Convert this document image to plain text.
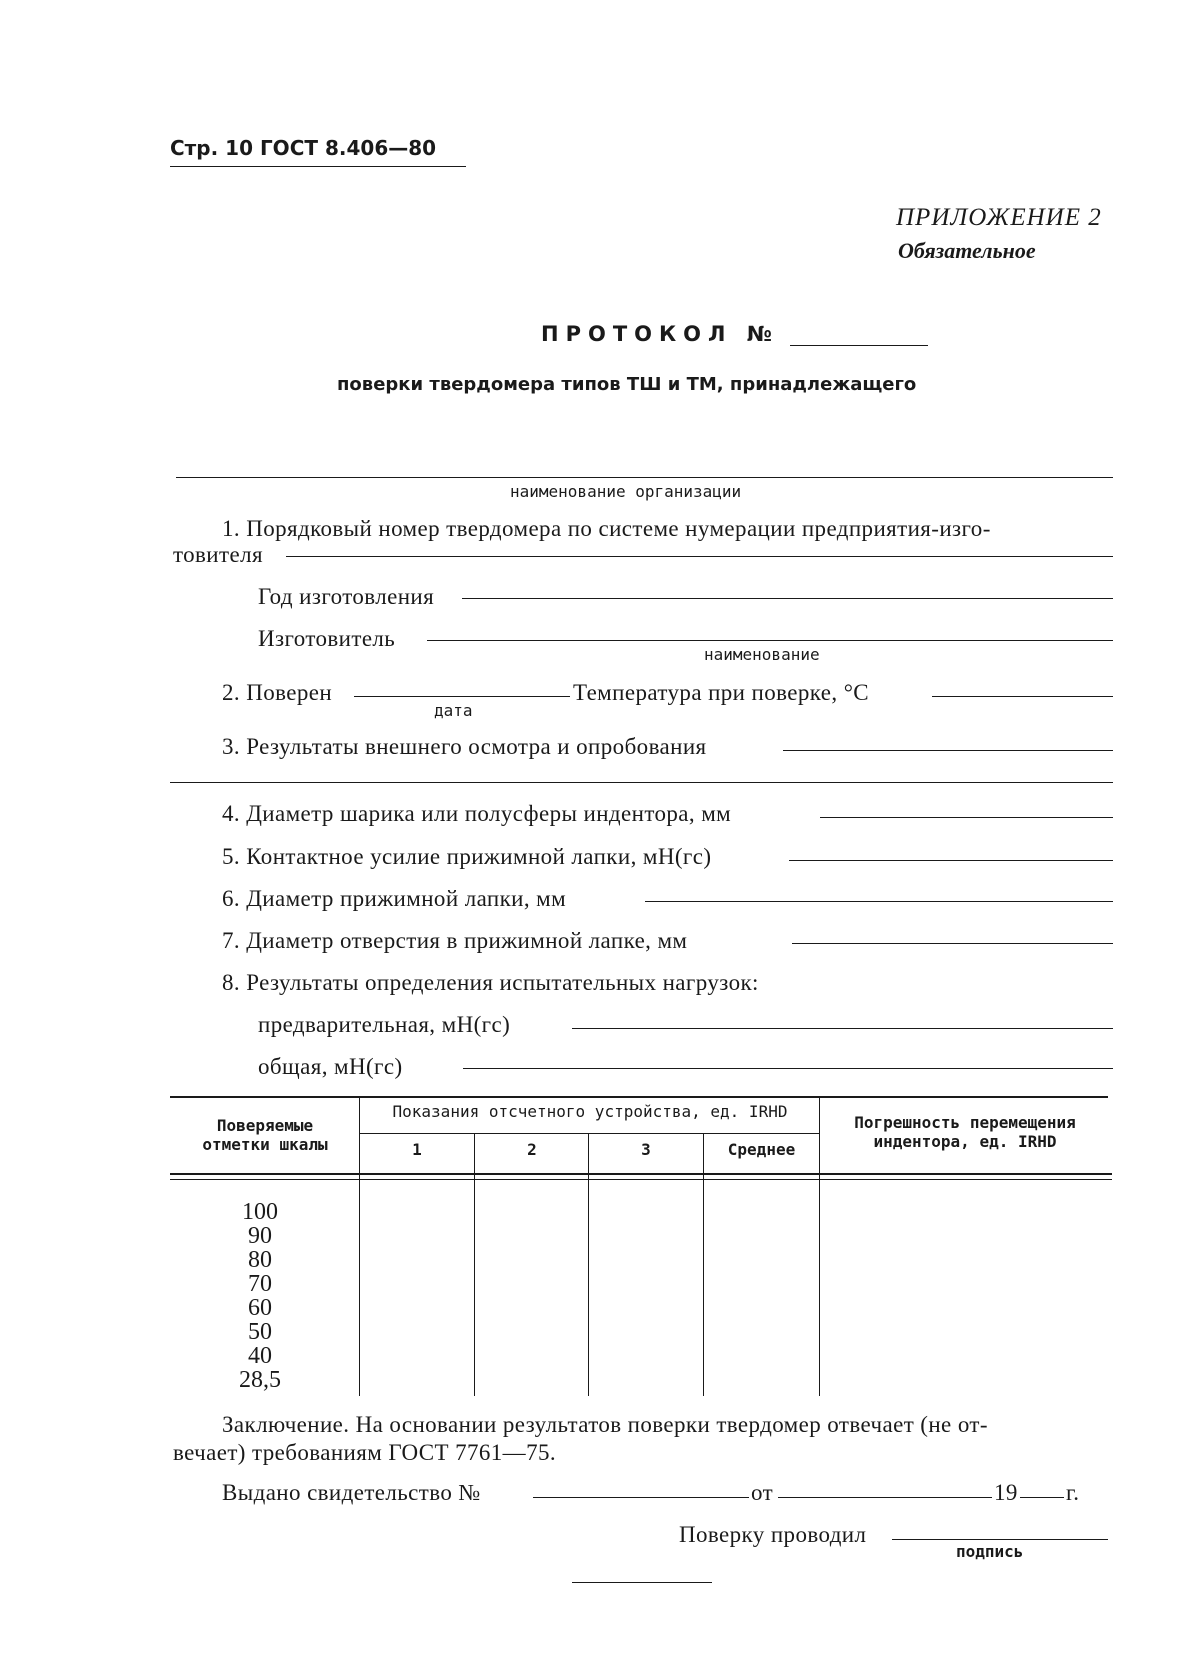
Стр. 10 ГОСТ 8.406—80
ПРИЛОЖЕНИЕ 2
Обязательное
ПРОТОКОЛ №
поверки твердомера типов ТШ и ТМ, принадлежащего
наименование организации
1. Порядковый номер твердомера по системе нумерации предприятия-изго-
товителя
Год изготовления
Изготовитель
наименование
2. Поверен
дата
Температура при поверке, °С
3. Результаты внешнего осмотра и опробования
4. Диаметр шарика или полусферы индентора, мм
5. Контактное усилие прижимной лапки, мН(гс)
6. Диаметр прижимной лапки, мм
7. Диаметр отверстия в прижимной лапке, мм
8. Результаты определения испытательных нагрузок:
предварительная, мН(гс)
общая, мН(гс)
Поверяемые
отметки шкалы
Показания отсчетного устройства, ед. IRHD
1	2	3	Среднее
Погрешность перемещения
индентора, ед. IRHD
100
90
80
70
60
50
40
28,5
Заключение. На основании результатов поверки твердомер отвечает (не от-
вечает) требованиям ГОСТ 7761—75.
Выдано свидетельство №	от	19 г.
Поверку проводил
подпись
